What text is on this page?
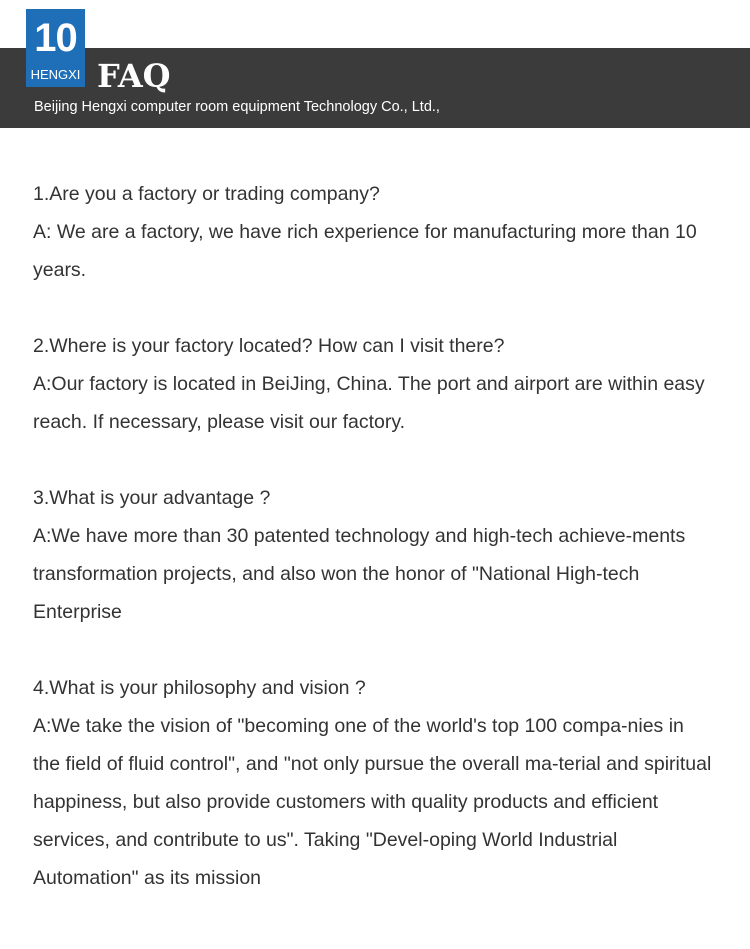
10
HENGXI FAQ
Beijing Hengxi computer room equipment Technology Co., Ltd.,
1.Are you a factory or trading company?
A: We are a factory, we have rich experience for manufacturing more than 10 years.
2.Where is your factory located? How can I visit there?
A:Our factory is located in BeiJing, China. The port and airport are within easy reach. If necessary, please visit our factory.
3.What is your advantage ?
A:We have more than 30 patented technology and high-tech achieve-ments transformation projects, and also won the honor of "National High-tech Enterprise
4.What is your philosophy and vision ?
A:We take the vision of "becoming one of the world's top 100 compa-nies in the field of fluid control", and "not only pursue the overall ma-terial and spiritual happiness, but also provide customers with quality products and efficient services, and contribute to us". Taking "Devel-oping World Industrial Automation" as its mission
